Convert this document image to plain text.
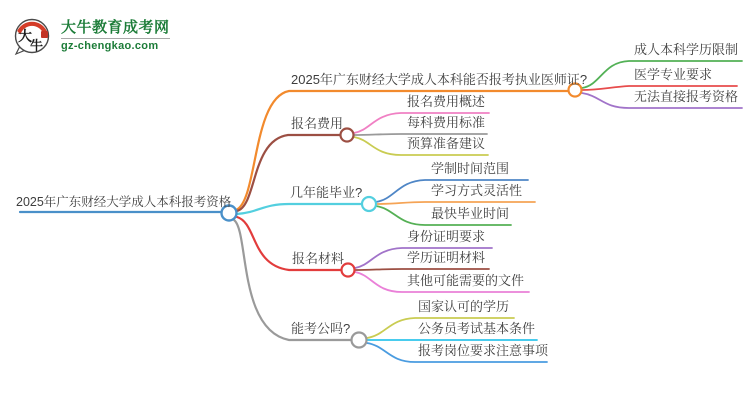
大
牛
大牛教育成考网
gz-chengkao.com
2025年广东财经大学成人本科报考资格
2025年广东财经大学成人本科能否报考执业医师证?
报名费用
几年能毕业?
报名材料
能考公吗?
成人本科学历限制
医学专业要求
无法直接报考资格
报名费用概述
每科费用标准
预算准备建议
学制时间范围
学习方式灵活性
最快毕业时间
身份证明要求
学历证明材料
其他可能需要的文件
国家认可的学历
公务员考试基本条件
报考岗位要求注意事项
